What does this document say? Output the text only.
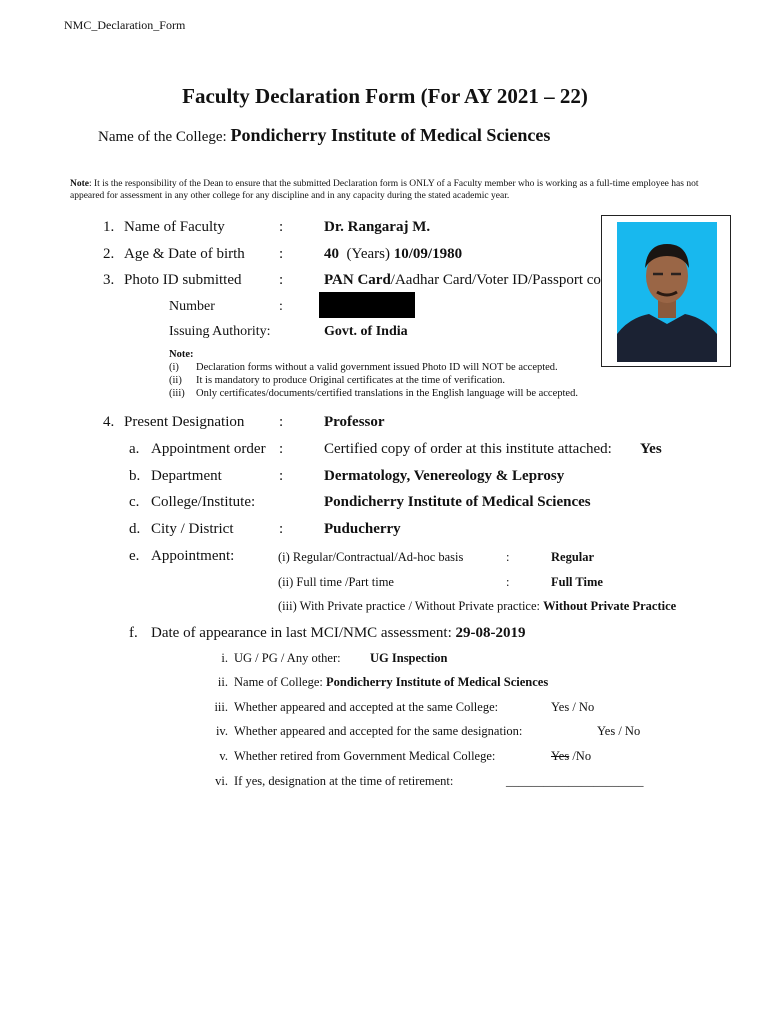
NMC_Declaration_Form
Faculty Declaration Form (For AY 2021 – 22)
Name of the College: Pondicherry Institute of Medical Sciences
Note: It is the responsibility of the Dean to ensure that the submitted Declaration form is ONLY of a Faculty member who is working as a full-time employee has not appeared for assessment in any other college for any discipline and in any capacity during the stated academic year.
1. Name of Faculty	:	Dr. Rangaraj M.
2. Age & Date of birth :	40 (Years) 10/09/1980
3. Photo ID submitted :	PAN Card/Aadhar Card/Voter ID/Passport co
Number	:
Issuing Authority:	Govt. of India
Note:
(i) Declaration forms without a valid government issued Photo ID will NOT be accepted.
(ii) It is mandatory to produce Original certificates at the time of verification.
(iii) Only certificates/documents/certified translations in the English language will be accepted.
4. Present Designation :	Professor
a. Appointment order :	Certified copy of order at this institute attached: Yes
b. Department	:	Dermatology, Venereology & Leprosy
c. College/Institute:	Pondicherry Institute of Medical Sciences
d. City / District	:	Puducherry
e. Appointment:	(i) Regular/Contractual/Ad-hoc basis	:	Regular
(ii) Full time /Part time	:	Full Time
(iii) With Private practice / Without Private practice: Without Private Practice
f. Date of appearance in last MCI/NMC assessment: 29-08-2019
i. UG / PG / Any other: UG Inspection
ii. Name of College: Pondicherry Institute of Medical Sciences
iii. Whether appeared and accepted at the same College:	Yes / No
iv. Whether appeared and accepted for the same designation:	Yes / No
v. Whether retired from Government Medical College:	Yes /No
vi. If yes, designation at the time of retirement:	______________________
